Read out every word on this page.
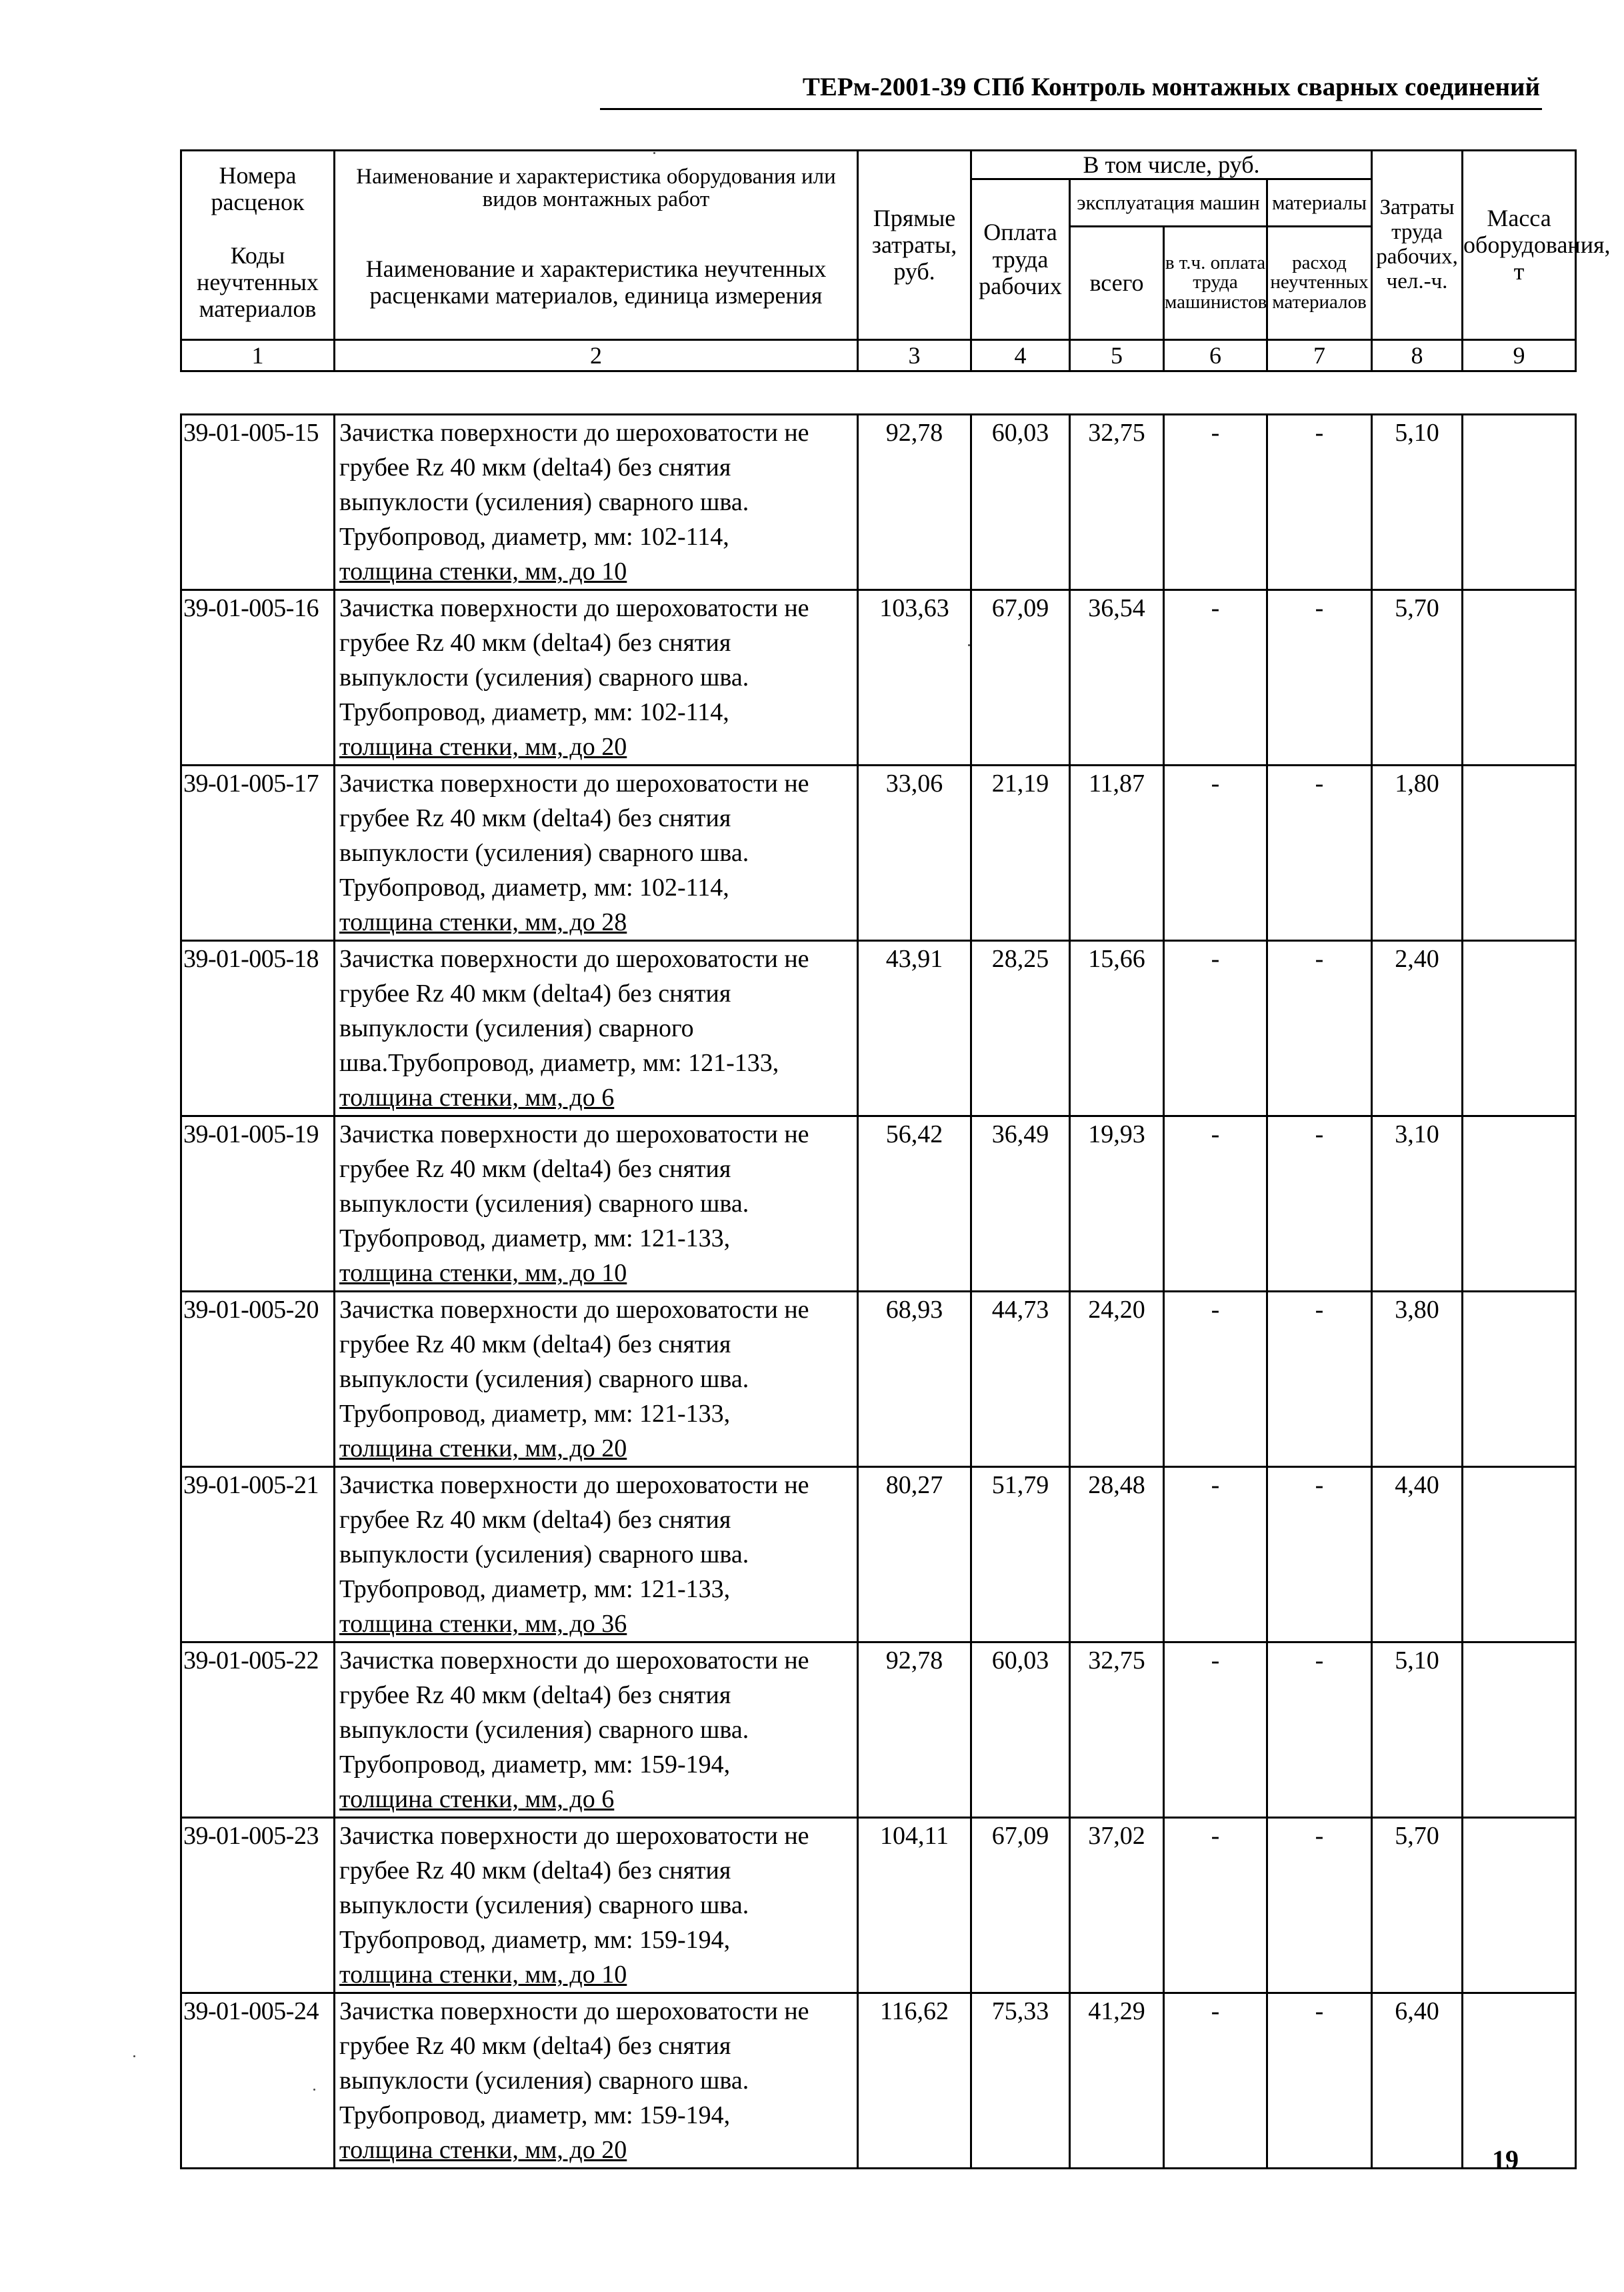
ТЕРм-2001-39 СПб Контроль монтажных сварных соединений
Номера расценок	Наименование и характеристика оборудования или видов монтажных работ	Прямые затраты, руб.	В том числе, руб.				Затраты труда рабочих, чел.-ч.	Масса оборудования, т
			Оплата труда рабочих	эксплуатация машин		материалы		
Коды неучтенных материалов	Наименование и характеристика неучтенных расценками материалов, единица измерения			всего	в т.ч. оплата труда машинистов	расход неучтенных материалов		

1	2	3	4	5	6	7	8	9
39-01-005-15	Зачистка поверхности до шероховатости не
грубее Rz 40 мкм (delta4) без снятия
выпуклости (усиления) сварного шва.
Трубопровод, диаметр, мм: 102-114,
толщина стенки, мм, до 10	92,78	60,03	32,75	-	-	5,10	
39-01-005-16	Зачистка поверхности до шероховатости не
грубее Rz 40 мкм (delta4) без снятия
выпуклости (усиления) сварного шва.
Трубопровод, диаметр, мм: 102-114,
толщина стенки, мм, до 20	103,63	67,09	36,54	-	-	5,70	
39-01-005-17	Зачистка поверхности до шероховатости не
грубее Rz 40 мкм (delta4) без снятия
выпуклости (усиления) сварного шва.
Трубопровод, диаметр, мм: 102-114,
толщина стенки, мм, до 28	33,06	21,19	11,87	-	-	1,80	
39-01-005-18	Зачистка поверхности до шероховатости не
грубее Rz 40 мкм (delta4) без снятия
выпуклости (усиления) сварного
шва.Трубопровод, диаметр, мм: 121-133,
толщина стенки, мм, до 6	43,91	28,25	15,66	-	-	2,40	
39-01-005-19	Зачистка поверхности до шероховатости не
грубее Rz 40 мкм (delta4) без снятия
выпуклости (усиления) сварного шва.
Трубопровод, диаметр, мм: 121-133,
толщина стенки, мм, до 10	56,42	36,49	19,93	-	-	3,10	
39-01-005-20	Зачистка поверхности до шероховатости не
грубее Rz 40 мкм (delta4) без снятия
выпуклости (усиления) сварного шва.
Трубопровод, диаметр, мм: 121-133,
толщина стенки, мм, до 20	68,93	44,73	24,20	-	-	3,80	
39-01-005-21	Зачистка поверхности до шероховатости не
грубее Rz 40 мкм (delta4) без снятия
выпуклости (усиления) сварного шва.
Трубопровод, диаметр, мм: 121-133,
толщина стенки, мм, до 36	80,27	51,79	28,48	-	-	4,40	
39-01-005-22	Зачистка поверхности до шероховатости не
грубее Rz 40 мкм (delta4) без снятия
выпуклости (усиления) сварного шва.
Трубопровод, диаметр, мм: 159-194,
толщина стенки, мм, до 6	92,78	60,03	32,75	-	-	5,10	
39-01-005-23	Зачистка поверхности до шероховатости не
грубее Rz 40 мкм (delta4) без снятия
выпуклости (усиления) сварного шва.
Трубопровод, диаметр, мм: 159-194,
толщина стенки, мм, до 10	104,11	67,09	37,02	-	-	5,70	
39-01-005-24	Зачистка поверхности до шероховатости не
грубее Rz 40 мкм (delta4) без снятия
выпуклости (усиления) сварного шва.
Трубопровод, диаметр, мм: 159-194,
толщина стенки, мм, до 20	116,62	75,33	41,29	-	-	6,40	
19
